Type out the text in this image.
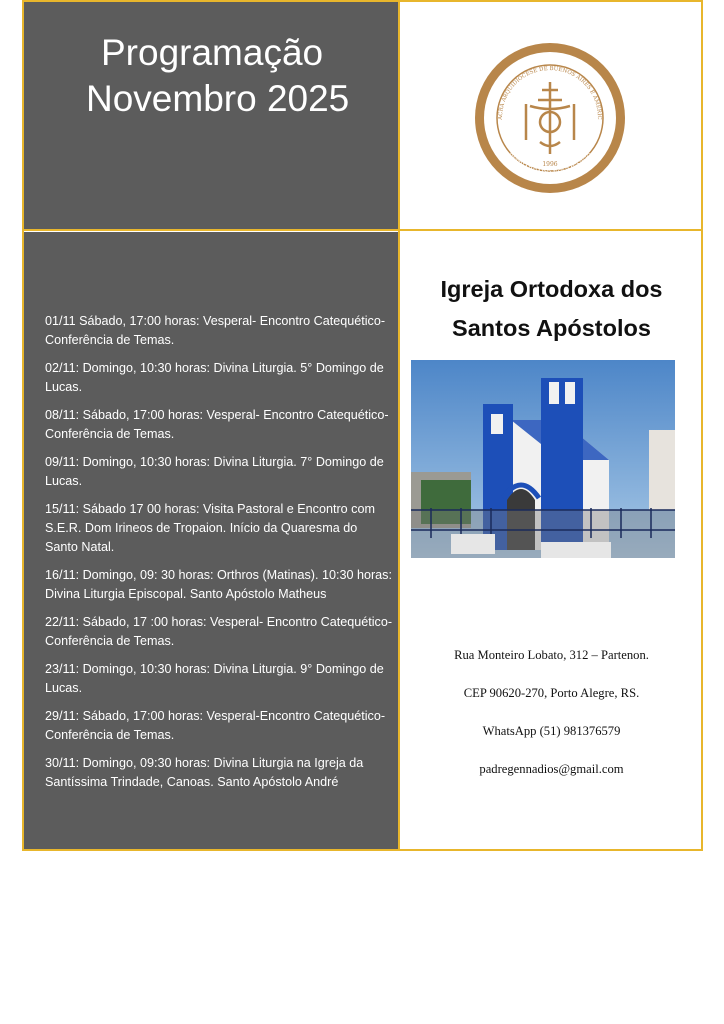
Programação
Novembro 2025
01/11 Sábado, 17:00 horas: Vesperal- Encontro Catequético- Conferência de Temas.
02/11: Domingo, 10:30 horas: Divina Liturgia. 5° Domingo de Lucas.
08/11: Sábado, 17:00 horas: Vesperal- Encontro Catequético- Conferência de Temas.
09/11: Domingo, 10:30 horas: Divina Liturgia. 7° Domingo de Lucas.
15/11: Sábado 17 00 horas: Visita Pastoral e Encontro com S.E.R. Dom Irineos de Tropaion. Início da Quaresma do Santo Natal.
16/11: Domingo, 09: 30 horas: Orthros (Matinas). 10:30 horas: Divina Liturgia Episcopal. Santo Apóstolo Matheus
22/11: Sábado, 17 :00 horas: Vesperal- Encontro Catequético- Conferência de Temas.
23/11: Domingo, 10:30 horas: Divina Liturgia. 9° Domingo de Lucas.
29/11: Sábado, 17:00 horas: Vesperal-Encontro Catequético-Conferência de Temas.
30/11: Domingo, 09:30 horas: Divina Liturgia na Igreja da Santíssima Trindade, Canoas. Santo Apóstolo André
ΟΙΚΟΥΜΕΝΙΚΟΝ ΠΑΤΡΙΑΡΧΕΙΟΝ
PATRIARCADO ECUMÊNICO
ACRA ARQUIDIOCESE DE BUENOS AIRES E AMÉRIC
1996
Igreja Ortodoxa dos
Santos Apóstolos
Rua Monteiro Lobato, 312 – Partenon.
CEP 90620-270, Porto Alegre, RS.
WhatsApp (51) 981376579
padregennadios@gmail.com
